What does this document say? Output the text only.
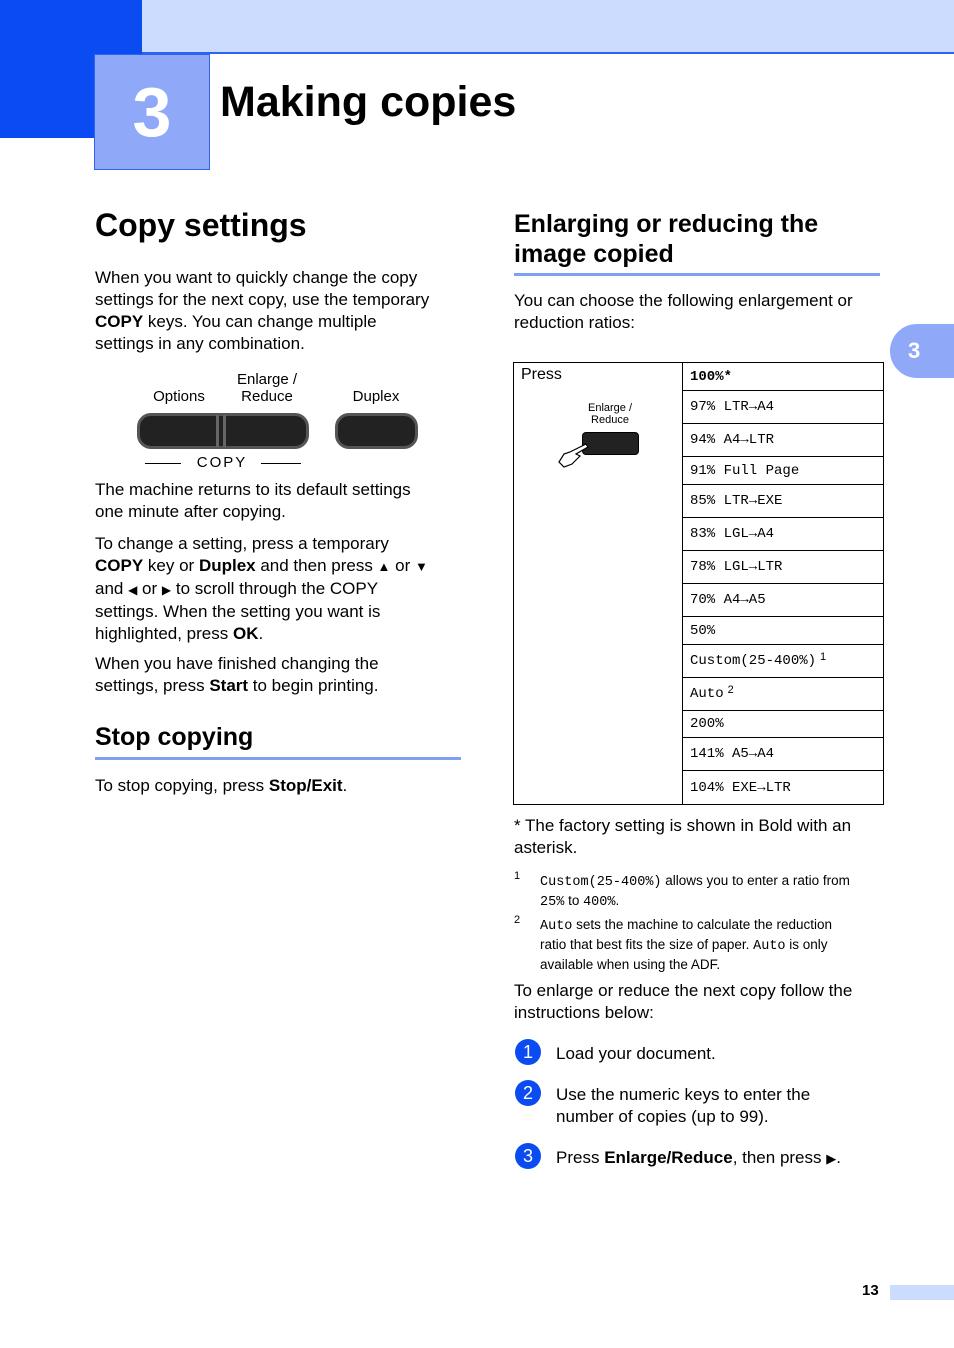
3	Making copies
3
Copy settings
When you want to quickly change the copy
settings for the next copy, use the temporary
COPY keys. You can change multiple
settings in any combination.
Options
Enlarge /
Reduce	Duplex
COPY
The machine returns to its default settings
one minute after copying.
To change a setting, press a temporary
COPY key or Duplex and then press ▲ or ▼
and ◀ or ▶ to scroll through the COPY
settings. When the setting you want is
highlighted, press OK.
When you have finished changing the
settings, press Start to begin printing.
Stop copying
To stop copying, press Stop/Exit.
Enlarging or reducing the
image copied
You can choose the following enlargement or
reduction ratios:
Press
Enlarge /
Reduce
100%*
97% LTR→A4
94% A4→LTR
91% Full Page
85% LTR→EXE
83% LGL→A4
78% LGL→LTR
70% A4→A5
50%
Custom(25-400%) $^1$
Auto $^2$
200%
141% A5→A4
104% EXE→LTR
* The factory setting is shown in Bold with an
asterisk.
1 Custom(25-400%) allows you to enter a ratio from
25% to 400%.
2 Auto sets the machine to calculate the reduction
ratio that best fits the size of paper. Auto is only
available when using the ADF.
To enlarge or reduce the next copy follow the
instructions below:
1	Load your document.
2	Use the numeric keys to enter the
number of copies (up to 99).
3	Press Enlarge/Reduce, then press ▶.
13
